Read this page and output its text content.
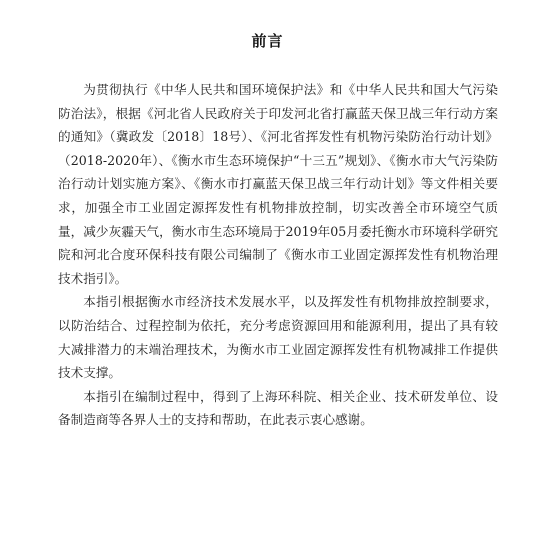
前言

为贯彻执行《中华人民共和国环境保护法》和《中华人民共和国大气污染防治法》，根据《河北省人民政府关于印发河北省打赢蓝天保卫战三年行动方案的通知》（冀政发〔2018〕18号）、《河北省挥发性有机物污染防治行动计划》（2018-2020年）、《衡水市生态环境保护“十三五”规划》、《衡水市大气污染防治行动计划实施方案》、《衡水市打赢蓝天保卫战三年行动计划》等文件相关要求，加强全市工业固定源挥发性有机物排放控制，切实改善全市环境空气质量，减少灰霾天气，衡水市生态环境局于2019年05月委托衡水市环境科学研究院和河北合度环保科技有限公司编制了《衡水市工业固定源挥发性有机物治理技术指引》。

本指引根据衡水市经济技术发展水平，以及挥发性有机物排放控制要求，以防治结合、过程控制为依托，充分考虑资源回用和能源利用，提出了具有较大减排潜力的末端治理技术，为衡水市工业固定源挥发性有机物减排工作提供技术支撑。

本指引在编制过程中，得到了上海环科院、相关企业、技术研发单位、设备制造商等各界人士的支持和帮助，在此表示衷心感谢。
